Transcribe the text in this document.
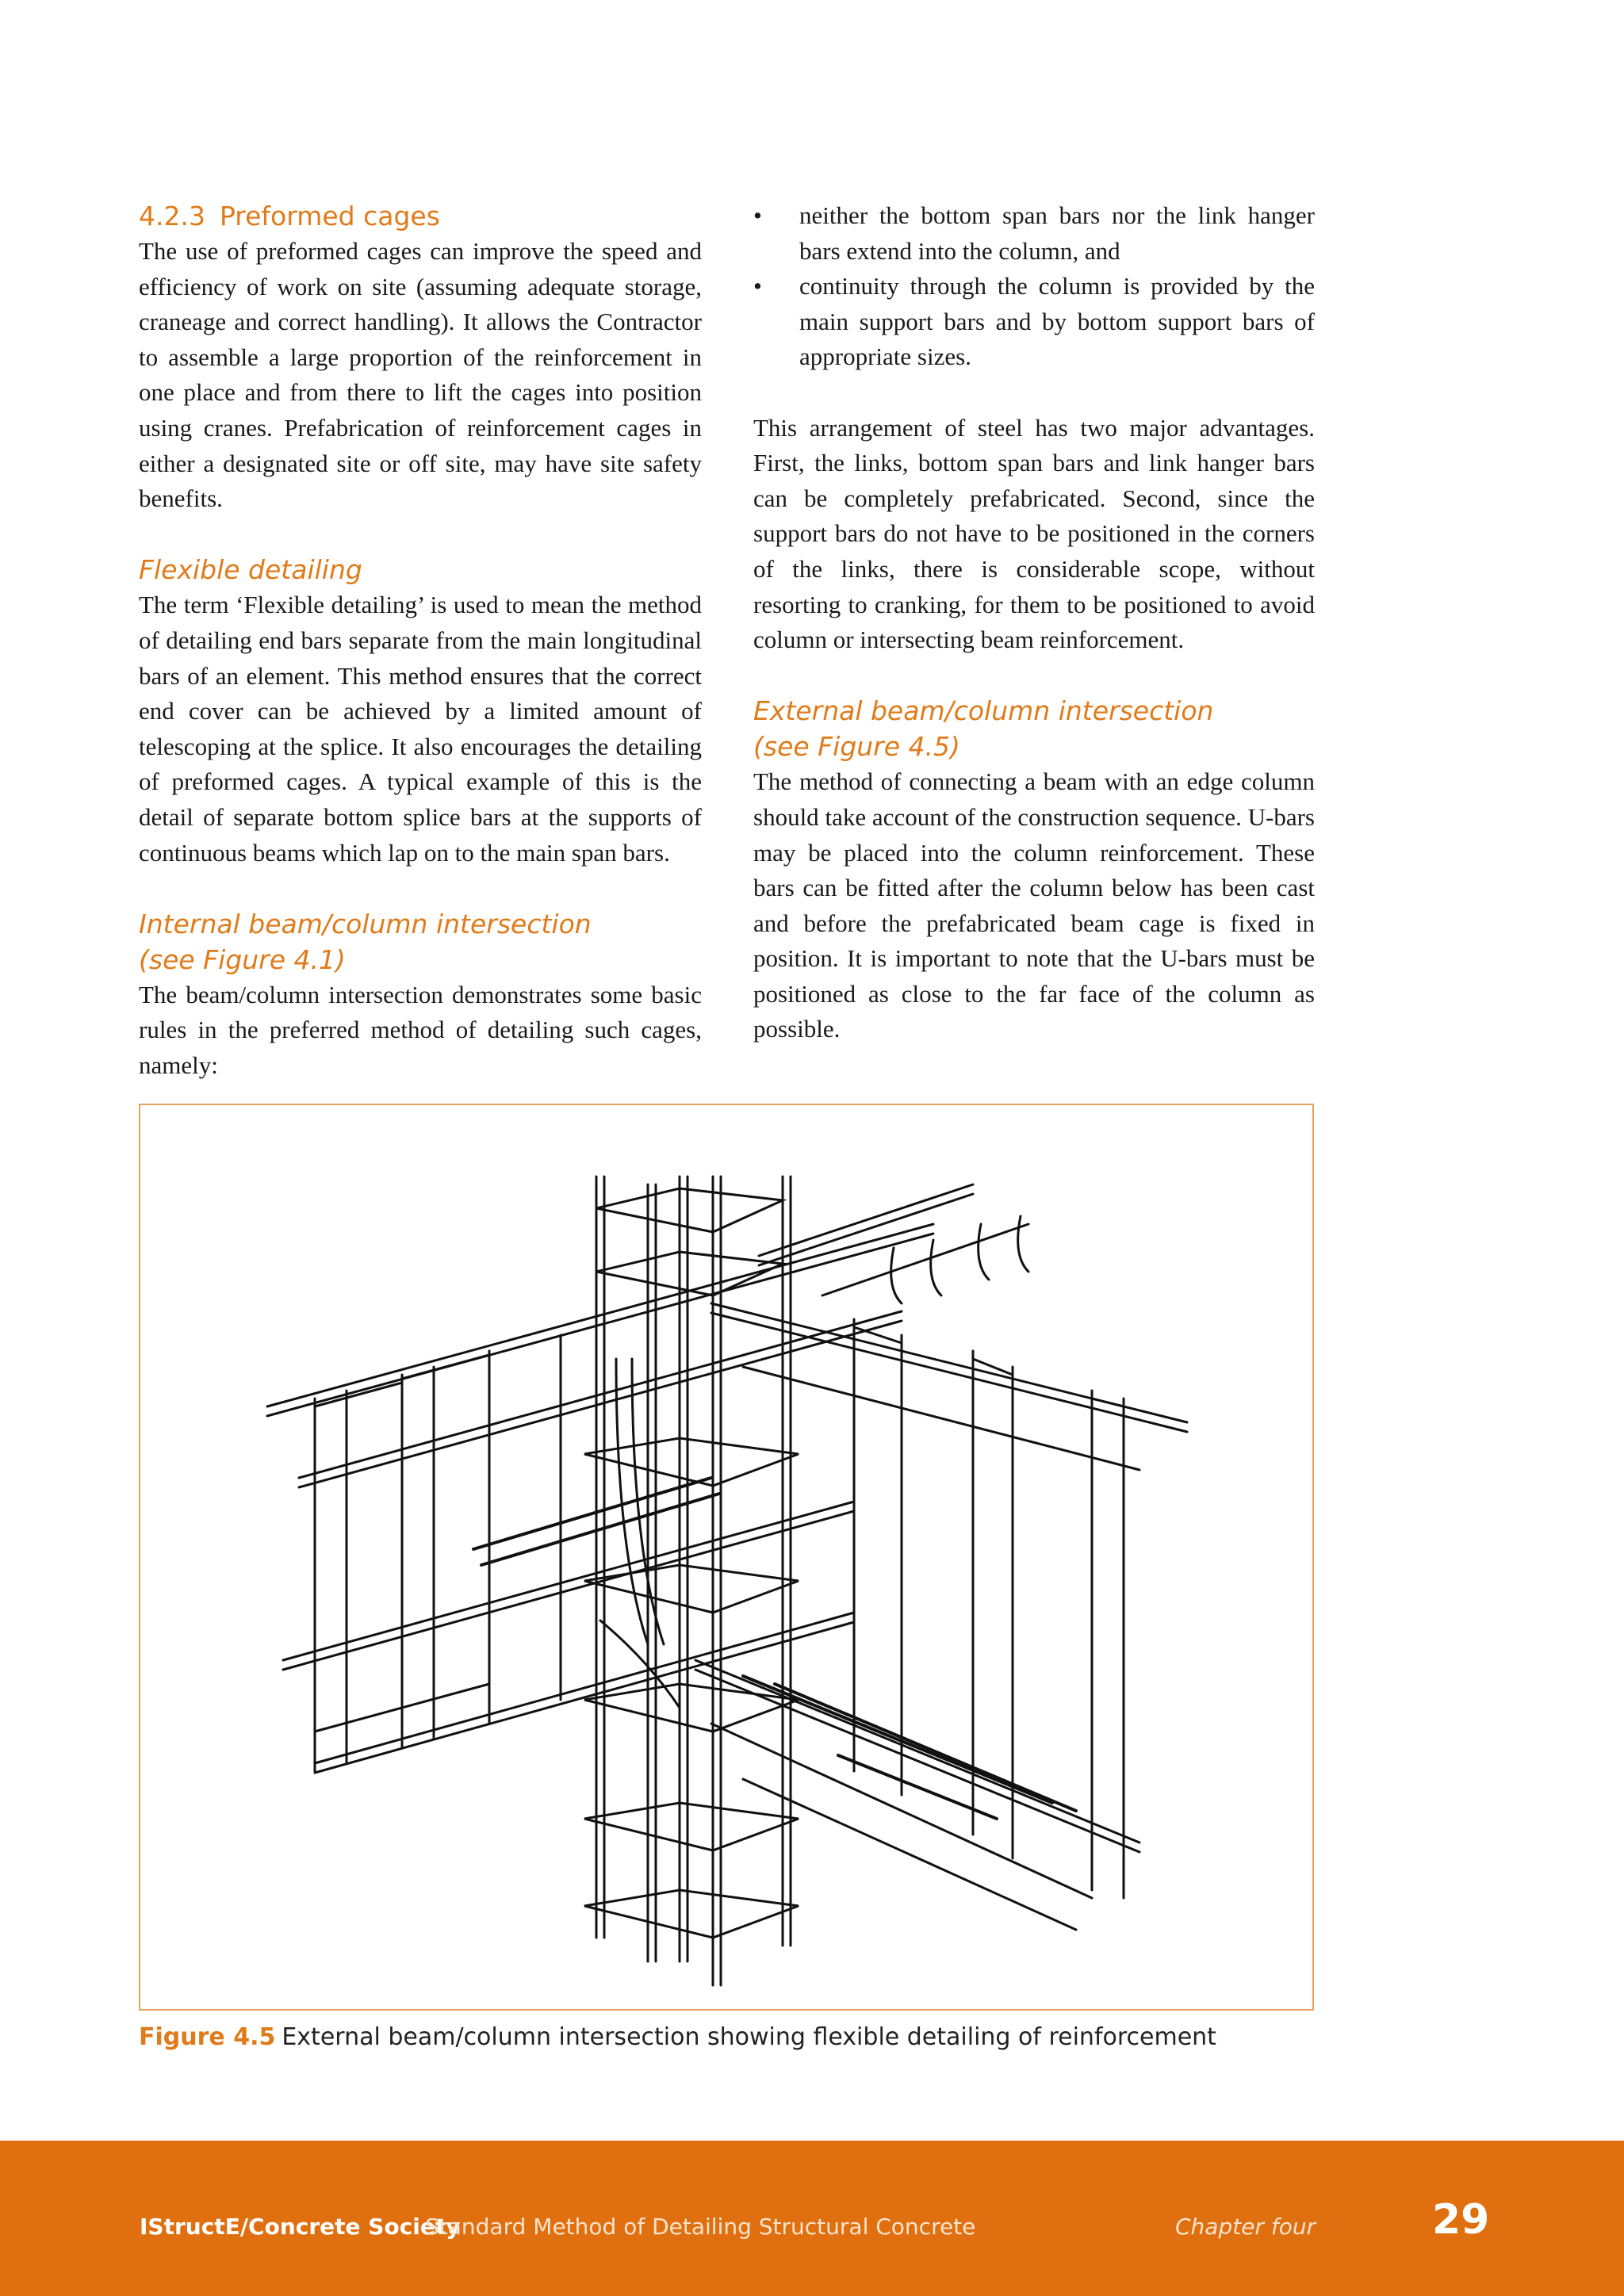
4.2.3 Preformed cages

The use of preformed cages can improve the speed and efficiency of work on site (assuming adequate storage, craneage and correct handling). It allows the Contractor to assemble a large proportion of the reinforcement in one place and from there to lift the cages into position using cranes. Prefabrication of reinforcement cages in either a designated site or off site, may have site safety benefits.

Flexible detailing

The term ‘Flexible detailing’ is used to mean the method of detailing end bars separate from the main longitudinal bars of an element. This method ensures that the correct end cover can be achieved by a limited amount of telescoping at the splice. It also encourages the detailing of preformed cages. A typical example of this is the detail of separate bottom splice bars at the supports of continuous beams which lap on to the main span bars.

Internal beam/column intersection
(see Figure 4.1)

The beam/column intersection demonstrates some basic rules in the preferred method of detailing such cages, namely:

• neither the bottom span bars nor the link hanger bars extend into the column, and
• continuity through the column is provided by the main support bars and by bottom support bars of appropriate sizes.

This arrangement of steel has two major advantages. First, the links, bottom span bars and link hanger bars can be completely prefabricated. Second, since the support bars do not have to be positioned in the corners of the links, there is considerable scope, without resorting to cranking, for them to be positioned to avoid column or intersecting beam reinforcement.

External beam/column intersection
(see Figure 4.5)

The method of connecting a beam with an edge column should take account of the construction sequence. U-bars may be placed into the column reinforcement. These bars can be fitted after the column below has been cast and before the prefabricated beam cage is fixed in position. It is important to note that the U-bars must be positioned as close to the far face of the column as possible.

Figure 4.5 External beam/column intersection showing flexible detailing of reinforcement
IStructE/Concrete Society
Standard Method of Detailing Structural Concrete	Chapter four	29
